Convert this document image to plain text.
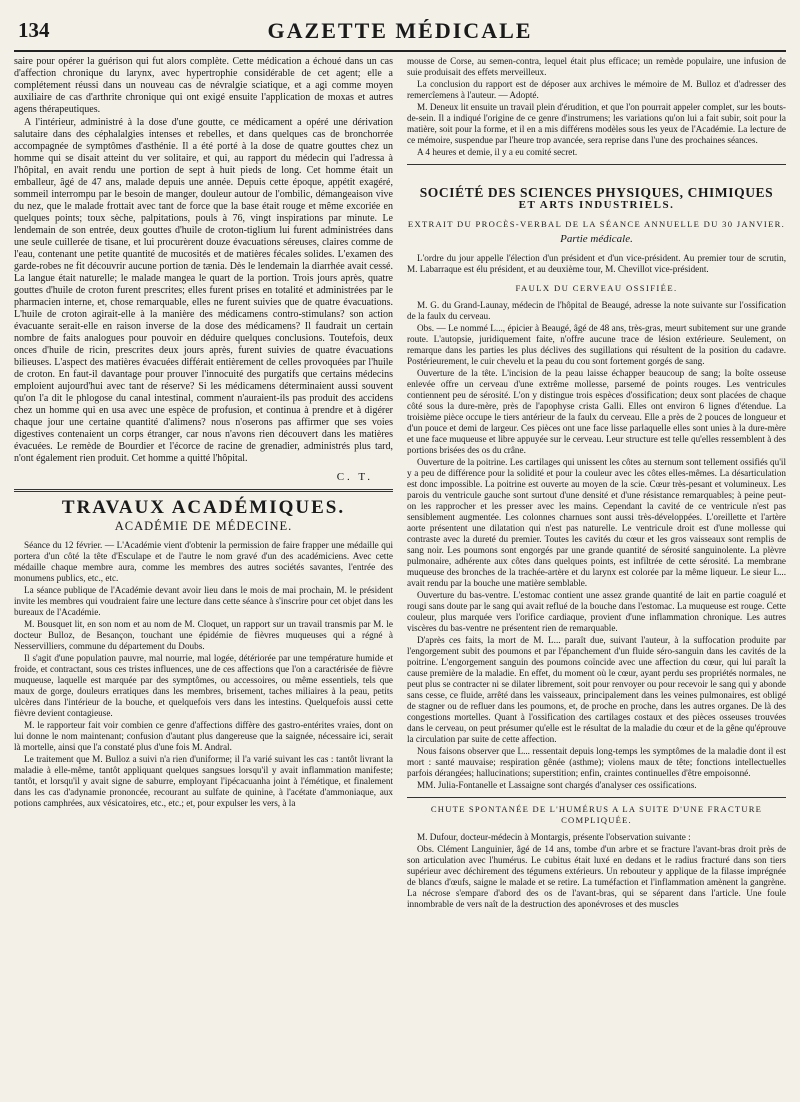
134	GAZETTE MÉDICALE

saire pour opérer la guérison qui fut alors complète. Cette médication a échoué dans un cas d'affection chronique du larynx, avec hypertrophie considérable de cet agent; elle a complétement réussi dans un nouveau cas de névralgie sciatique, et a agi comme moyen auxiliaire de cas d'arthrite chronique qui ont exigé ensuite l'application de moxas et autres agens thérapeutiques.

A l'intérieur, administré à la dose d'une goutte, ce médicament a opéré une dérivation salutaire dans des céphalalgies intenses et rebelles, et dans quelques cas de bronchorrée accompagnée de symptômes d'asthénie. Il a été porté à la dose de quatre gouttes chez un homme qui se disait atteint du ver solitaire, et qui, au rapport du médecin qui l'adressa à l'hôpital, en avait rendu une portion de sept à huit pieds de long. Cet homme était un emballeur, âgé de 47 ans, malade depuis une année. Depuis cette époque, appétit exagéré, sommeil interrompu par le besoin de manger, douleur autour de l'ombilic, démangeaison vive du nez, que le malade frottait avec tant de force que la base était rouge et même excoriée en quelques points; toux sèche, palpitations, pouls à 76, vingt inspirations par minute. Le lendemain de son entrée, deux gouttes d'huile de croton-tiglium lui furent administrées dans une seule cuillerée de tisane, et lui procurèrent douze évacuations séreuses, claires comme de l'eau, contenant une petite quantité de mucosités et de matières fécales solides. L'examen des garde-robes ne fit découvrir aucune portion de tænia. Dès le lendemain la diarrhée avait cessé. La langue était naturelle; le malade mangea le quart de la portion. Trois jours après, quatre gouttes d'huile de croton furent prescrites; elles furent prises en totalité et administrées par le pharmacien interne, et, chose remarquable, elles ne furent suivies que de quatre évacuations. L'huile de croton agirait-elle à la manière des médicamens contro-stimulans? son action évacuante serait-elle en raison inverse de la dose des médicamens? Il faudrait un certain nombre de faits analogues pour pouvoir en déduire quelques conclusions. Toutefois, deux onces d'huile de ricin, prescrites deux jours après, furent suivies de quatre évacuations bilieuses. L'aspect des matières évacuées différait entièrement de celles provoquées par l'huile de croton. En faut-il davantage pour prouver l'innocuité des purgatifs que certains médecins emploient aujourd'hui avec tant de réserve? Si les médicamens déterminaient aussi souvent qu'on l'a dit le phlogose du canal intestinal, comment n'auraient-ils pas produit des accidens chez un homme qui en usa avec une espèce de profusion, et continua à prendre et à digérer chaque jour une certaine quantité d'alimens? nous n'oserons pas affirmer que ses voies digestives contenaient un corps étranger, car nous n'avons rien découvert dans les matières évacuées. Le remède de Bourdier et l'écorce de racine de grenadier, administrés plus tard, n'ont également rien produit. Cet homme a quitté l'hôpital.

C. T.
TRAVAUX ACADÉMIQUES.
ACADÉMIE DE MÉDECINE.

Séance du 12 février. — L'Académie vient d'obtenir la permission de faire frapper une médaille qui portera d'un côté la tête d'Esculape et de l'autre le nom gravé d'un des académiciens. Avec cette médaille chaque membre aura, comme les membres des autres sociétés savantes, l'entrée des monumens publics, etc., etc.

La séance publique de l'Académie devant avoir lieu dans le mois de mai prochain, M. le président invite les membres qui voudraient faire une lecture dans cette séance à s'inscrire pour cet objet dans les bureaux de l'Académie.

M. Bousquet lit, en son nom et au nom de M. Cloquet, un rapport sur un travail transmis par M. le docteur Bulloz, de Besançon, touchant une épidémie de fièvres muqueuses qui a régné à Nesservilliers, commune du département du Doubs.

Il s'agit d'une population pauvre, mal nourrie, mal logée, détériorée par une température humide et froide, et contractant, sous ces tristes influences, une de ces affections que l'on a caractérisée de fièvre muqueuse, laquelle est marquée par des symptômes, ou accessoires, ou même essentiels, tels que maux de gorge, douleurs erratiques dans les membres, brisement, taches miliaires à la peau, petits ulcères dans l'intérieur de la bouche, et quelquefois vers dans les intestins. Quelquefois aussi cette fièvre devient contagieuse.

M. le rapporteur fait voir combien ce genre d'affections diffère des gastro-entérites vraies, dont on lui donne le nom maintenant; confusion d'autant plus dangereuse que la saignée, nécessaire ici, serait là mortelle, ainsi que l'a constaté plus d'une fois M. Andral.

Le traitement que M. Bulloz a suivi n'a rien d'uniforme; il l'a varié suivant les cas : tantôt livrant la maladie à elle-même, tantôt appliquant quelques sangsues lorsqu'il y avait inflammation manifeste; tantôt, et lorsqu'il y avait signe de saburre, employant l'ipécacuanha joint à l'émétique, et finalement dans les cas d'adynamie prononcée, recourant au sulfate de quinine, à l'acétate d'ammoniaque, aux potions camphrées, aux vésicatoires, etc., etc.; et, pour expulser les vers, à la

mousse de Corse, au semen-contra, lequel était plus efficace; un remède populaire, une infusion de suie produisait des effets merveilleux.

La conclusion du rapport est de déposer aux archives le mémoire de M. Bulloz et d'adresser des remercîemens à l'auteur. — Adopté.

M. Deneux lit ensuite un travail plein d'érudition, et que l'on pourrait appeler complet, sur les bouts-de-sein. Il a indiqué l'origine de ce genre d'instrumens; les variations qu'on lui a fait subir, soit pour la matière, soit pour la forme, et il en a mis différens modèles sous les yeux de l'Académie. La lecture de ce mémoire, suspendue par l'heure trop avancée, sera reprise dans l'une des prochaines séances.

A 4 heures et demie, il y a eu comité secret.

SOCIÉTÉ DES SCIENCES PHYSIQUES, CHIMIQUES
ET ARTS INDUSTRIELS.
EXTRAIT DU PROCÈS-VERBAL DE LA SÉANCE ANNUELLE DU 30 JANVIER.
Partie médicale.

L'ordre du jour appelle l'élection d'un président et d'un vice-président. Au premier tour de scrutin, M. Labarraque est élu président, et au deuxième tour, M. Chevillot vice-président.

FAULX DU CERVEAU OSSIFIÉE.

M. G. du Grand-Launay, médecin de l'hôpital de Beaugé, adresse la note suivante sur l'ossification de la faulx du cerveau.

Obs. — Le nommé L..., épicier à Beaugé, âgé de 48 ans, très-gras, meurt subitement sur une grande route. L'autopsie, juridiquement faite, n'offre aucune trace de lésion extérieure. Seulement, on remarque dans les parties les plus déclives des sugillations qui résultent de la position du cadavre. Postérieurement, le cuir chevelu et la peau du cou sont fortement gorgés de sang.

Ouverture de la tête. L'incision de la peau laisse échapper beaucoup de sang; la boîte osseuse enlevée offre un cerveau d'une extrême mollesse, parsemé de points rouges. Les ventricules contiennent peu de sérosité. L'on y distingue trois espèces d'ossification; deux sont placées de chaque côté sous la dure-mère, près de l'apophyse crista Galli. Elles ont environ 6 lignes d'étendue. La troisième pièce occupe le tiers antérieur de la faulx du cerveau. Elle a près de 2 pouces de longueur et d'un pouce et demi de largeur. Ces pièces ont une face lisse parlaquelle elles sont unies à la dure-mère et une face muqueuse et libre appuyée sur le cerveau. Leur structure est telle qu'elles ressemblent à des portions brisées des os du crâne.

Ouverture de la poitrine. Les cartilages qui unissent les côtes au sternum sont tellement ossifiés qu'il y a peu de différence pour la solidité et pour la couleur avec les côtes elles-mêmes. La désarticulation est donc impossible. La poitrine est ouverte au moyen de la scie. Cœur très-pesant et volumineux. Les parois du ventricule gauche sont surtout d'une densité et d'une résistance remarquables; à peine peut-on les rapprocher et les presser avec les mains. Cependant la cavité de ce ventricule n'est pas sensiblement augmentée. Les colonnes charnues sont aussi très-développées. L'oreillette et l'artère aorte présentent une dilatation qui n'est pas naturelle. Le ventricule droit est d'une mollesse qui contraste avec la dureté du premier. Toutes les cavités du cœur et les gros vaisseaux sont remplis de sang noir. Les poumons sont engorgés par une grande quantité de sérosité sanguinolente. La plèvre pulmonaire, adhérente aux côtes dans quelques points, est infiltrée de cette sérosité. La membrane muqueuse des bronches de la trachée-artère et du larynx est colorée par la même liqueur. Le sieur L... avait rendu par la bouche une matière semblable.

Ouverture du bas-ventre. L'estomac contient une assez grande quantité de lait en partie coagulé et rougi sans doute par le sang qui avait reflué de la bouche dans l'estomac. La muqueuse est rouge. Cette couleur, plus marquée vers l'orifice cardiaque, provient d'une inflammation chronique. Les autres viscères du bas-ventre ne présentent rien de remarquable.

D'après ces faits, la mort de M. L... paraît due, suivant l'auteur, à la suffocation produite par l'engorgement subit des poumons et par l'épanchement d'un fluide séro-sanguin dans les cavités de la poitrine. L'engorgement sanguin des poumons coïncide avec une affection du cœur, qui lui paraît la cause première de la maladie. En effet, du moment où le cœur, ayant perdu ses propriétés normales, ne peut plus se contracter ni se dilater librement, soit pour renvoyer ou pour recevoir le sang qui y abonde sans cesse, ce fluide, arrêté dans les vaisseaux, principalement dans les veines pulmonaires, est obligé de stagner ou de refluer dans les poumons, et, de proche en proche, dans les autres organes. De là des congestions mortelles. Quant à l'ossification des cartilages costaux et des pièces osseuses trouvées dans le cerveau, on peut présumer qu'elle est le résultat de la maladie du cœur et de la gêne qu'éprouve la circulation par suite de cette affection.

Nous faisons observer que L... ressentait depuis long-temps les symptômes de la maladie dont il est mort : santé mauvaise; respiration gênée (asthme); violens maux de tête; fonctions intellectuelles parfois dérangées; hallucinations; superstition; enfin, craintes continuelles d'être empoisonné.

MM. Julia-Fontanelle et Lassaigne sont chargés d'analyser ces ossifications.

CHUTE SPONTANÉE DE L'HUMÉRUS A LA SUITE D'UNE FRACTURE COMPLIQUÉE.

M. Dufour, docteur-médecin à Montargis, présente l'observation suivante :

Obs. Clément Languinier, âgé de 14 ans, tombe d'un arbre et se fracture l'avant-bras droit près de son articulation avec l'humérus. Le cubitus était luxé en dedans et le radius fracturé dans son tiers supérieur avec déchirement des tégumens extérieurs. Un rebouteur y applique de la filasse imprégnée de blancs d'œufs, saigne le malade et se retire. La tuméfaction et l'inflammation amènent la gangrène. La nécrose s'empare d'abord des os de l'avant-bras, qui se séparent dans l'article. Une foule innombrable de vers naît de la destruction des aponévroses et des muscles
